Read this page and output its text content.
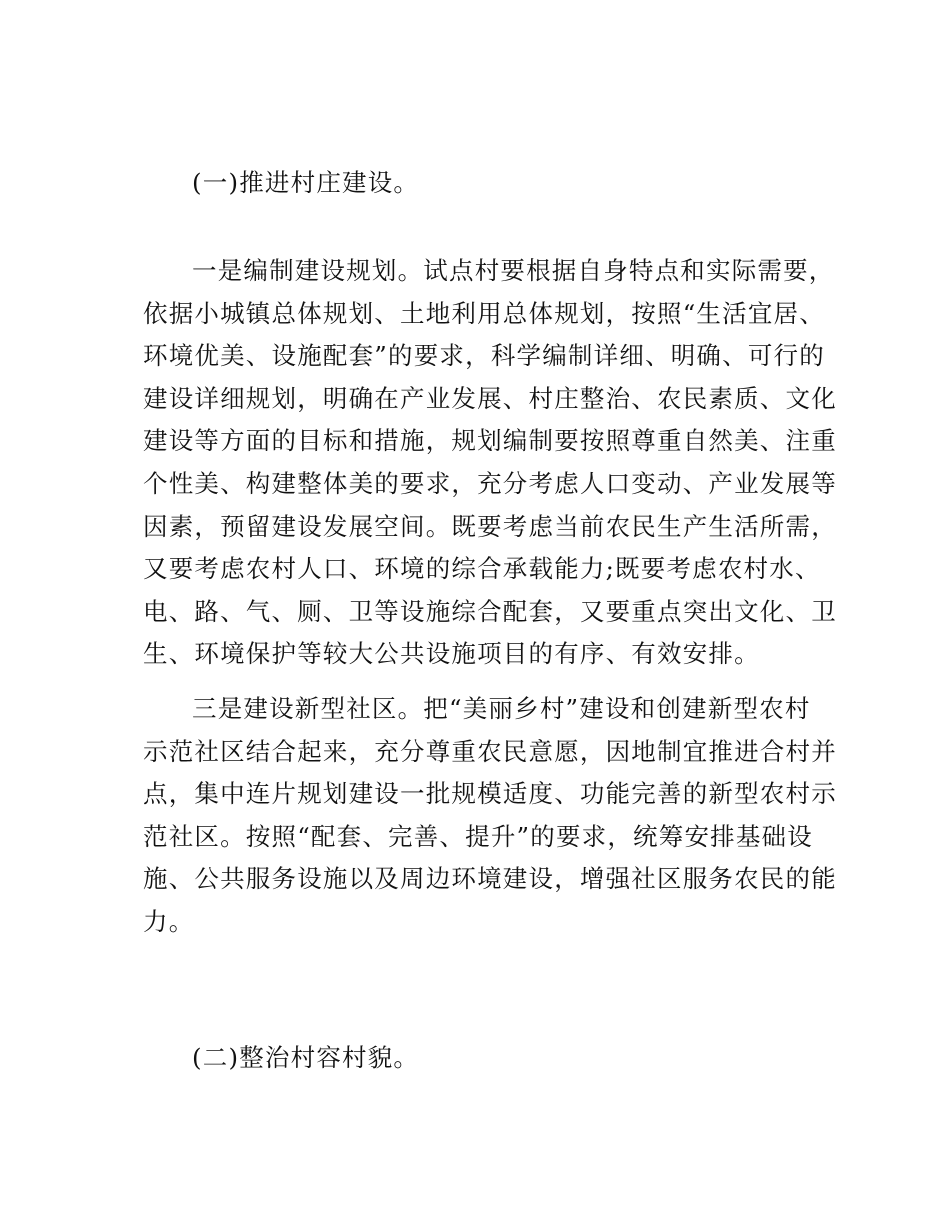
(一)推进村庄建设。

一是编制建设规划。试点村要根据自身特点和实际需要，
依据小城镇总体规划、土地利用总体规划，按照“生活宜居、
环境优美、设施配套”的要求，科学编制详细、明确、可行的
建设详细规划，明确在产业发展、村庄整治、农民素质、文化
建设等方面的目标和措施，规划编制要按照尊重自然美、注重
个性美、构建整体美的要求，充分考虑人口变动、产业发展等
因素，预留建设发展空间。既要考虑当前农民生产生活所需，
又要考虑农村人口、环境的综合承载能力;既要考虑农村水、
电、路、气、厕、卫等设施综合配套，又要重点突出文化、卫
生、环境保护等较大公共设施项目的有序、有效安排。
三是建设新型社区。把“美丽乡村”建设和创建新型农村
示范社区结合起来，充分尊重农民意愿，因地制宜推进合村并
点，集中连片规划建设一批规模适度、功能完善的新型农村示
范社区。按照“配套、完善、提升”的要求，统筹安排基础设
施、公共服务设施以及周边环境建设，增强社区服务农民的能
力。

(二)整治村容村貌。
